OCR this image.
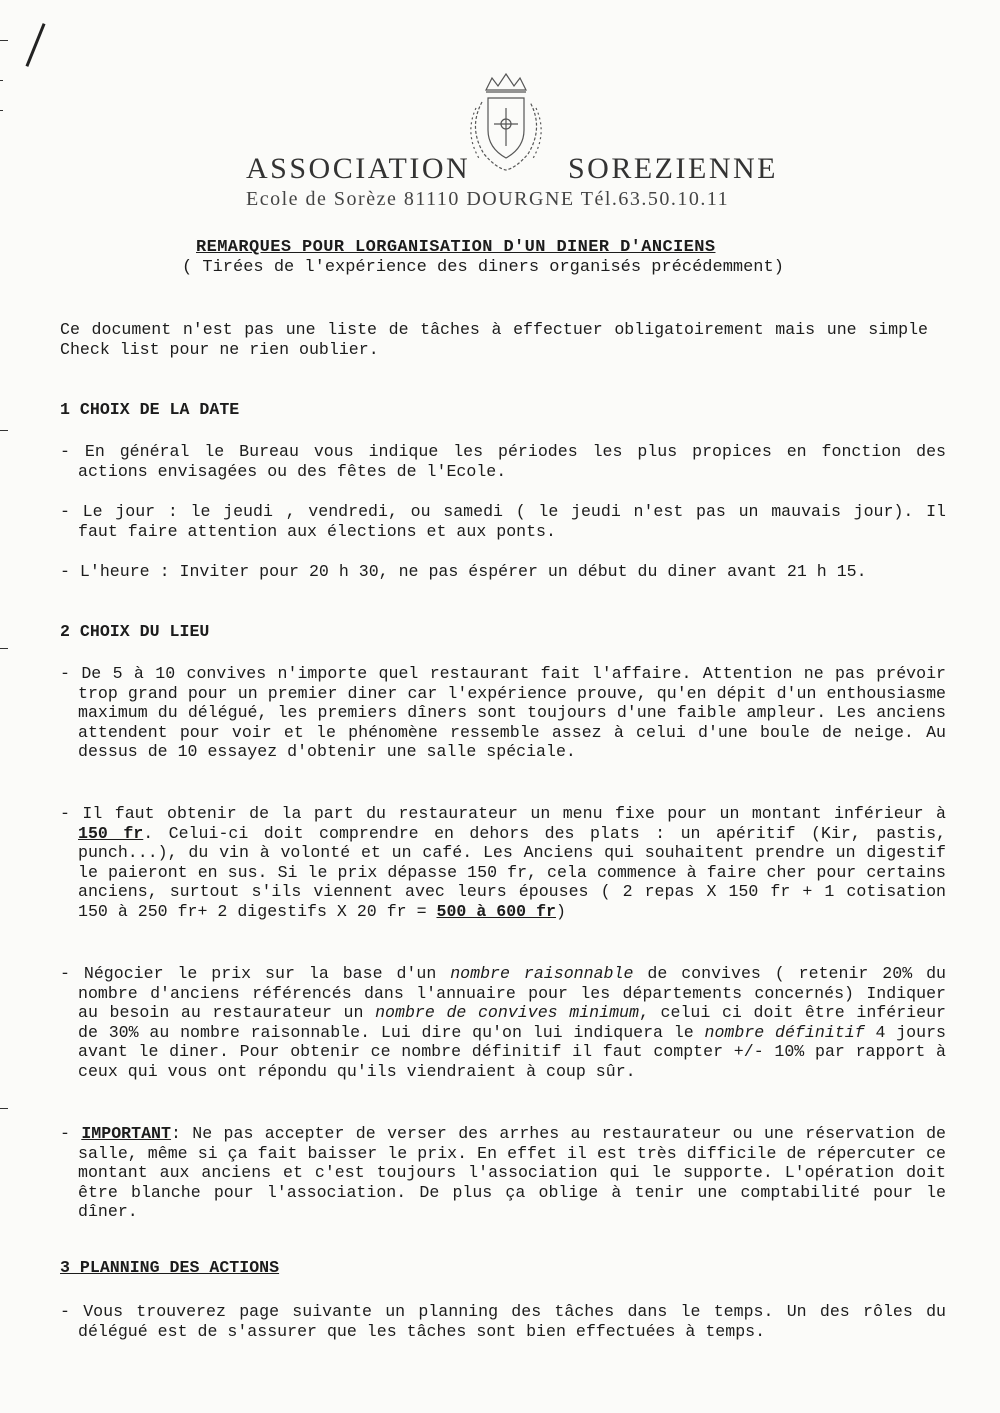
ASSOCIATION	SOREZIENNE
Ecole de Sorèze 81110 DOURGNE Tél.63.50.10.11
REMARQUES POUR LORGANISATION D'UN DINER D'ANCIENS
( Tirées de l'expérience des diners organisés précédemment)

Ce document n'est pas une liste de tâches à effectuer obligatoirement mais une simple Check list pour ne rien oublier.

1 CHOIX DE LA DATE

- En général le Bureau vous indique les périodes les plus propices en fonction des actions envisagées ou des fêtes de l'Ecole.

- Le jour : le jeudi , vendredi, ou samedi ( le jeudi n'est pas un mauvais jour). Il faut faire attention aux élections et aux ponts.

- L'heure : Inviter pour 20 h 30, ne pas éspérer un début du diner avant 21 h 15.

2 CHOIX DU LIEU

- De 5 à 10 convives n'importe quel restaurant fait l'affaire. Attention ne pas prévoir trop grand pour un premier diner car l'expérience prouve, qu'en dépit d'un enthousiasme maximum du délégué, les premiers dîners sont toujours d'une faible ampleur. Les anciens attendent pour voir et le phénomène ressemble assez à celui d'une boule de neige. Au dessus de 10 essayez d'obtenir une salle spéciale.

- Il faut obtenir de la part du restaurateur un menu fixe pour un montant inférieur à 150 fr. Celui-ci doit comprendre en dehors des plats : un apéritif (Kir, pastis, punch...), du vin à volonté et un café. Les Anciens qui souhaitent prendre un digestif le paieront en sus. Si le prix dépasse 150 fr, cela commence à faire cher pour certains anciens, surtout s'ils viennent avec leurs épouses ( 2 repas X 150 fr + 1 cotisation 150 à 250 fr+ 2 digestifs X 20 fr = 500 à 600 fr)

- Négocier le prix sur la base d'un nombre raisonnable de convives ( retenir 20% du nombre d'anciens référencés dans l'annuaire pour les départements concernés) Indiquer au besoin au restaurateur un nombre de convives minimum, celui ci doit être inférieur de 30% au nombre raisonnable. Lui dire qu'on lui indiquera le nombre définitif 4 jours avant le diner. Pour obtenir ce nombre définitif il faut compter +/- 10% par rapport à ceux qui vous ont répondu qu'ils viendraient à coup sûr.

- IMPORTANT: Ne pas accepter de verser des arrhes au restaurateur ou une réservation de salle, même si ça fait baisser le prix. En effet il est très difficile de répercuter ce montant aux anciens et c'est toujours l'association qui le supporte. L'opération doit être blanche pour l'association. De plus ça oblige à tenir une comptabilité pour le dîner.

3 PLANNING DES ACTIONS

- Vous trouverez page suivante un planning des tâches dans le temps. Un des rôles du délégué est de s'assurer que les tâches sont bien effectuées à temps.
